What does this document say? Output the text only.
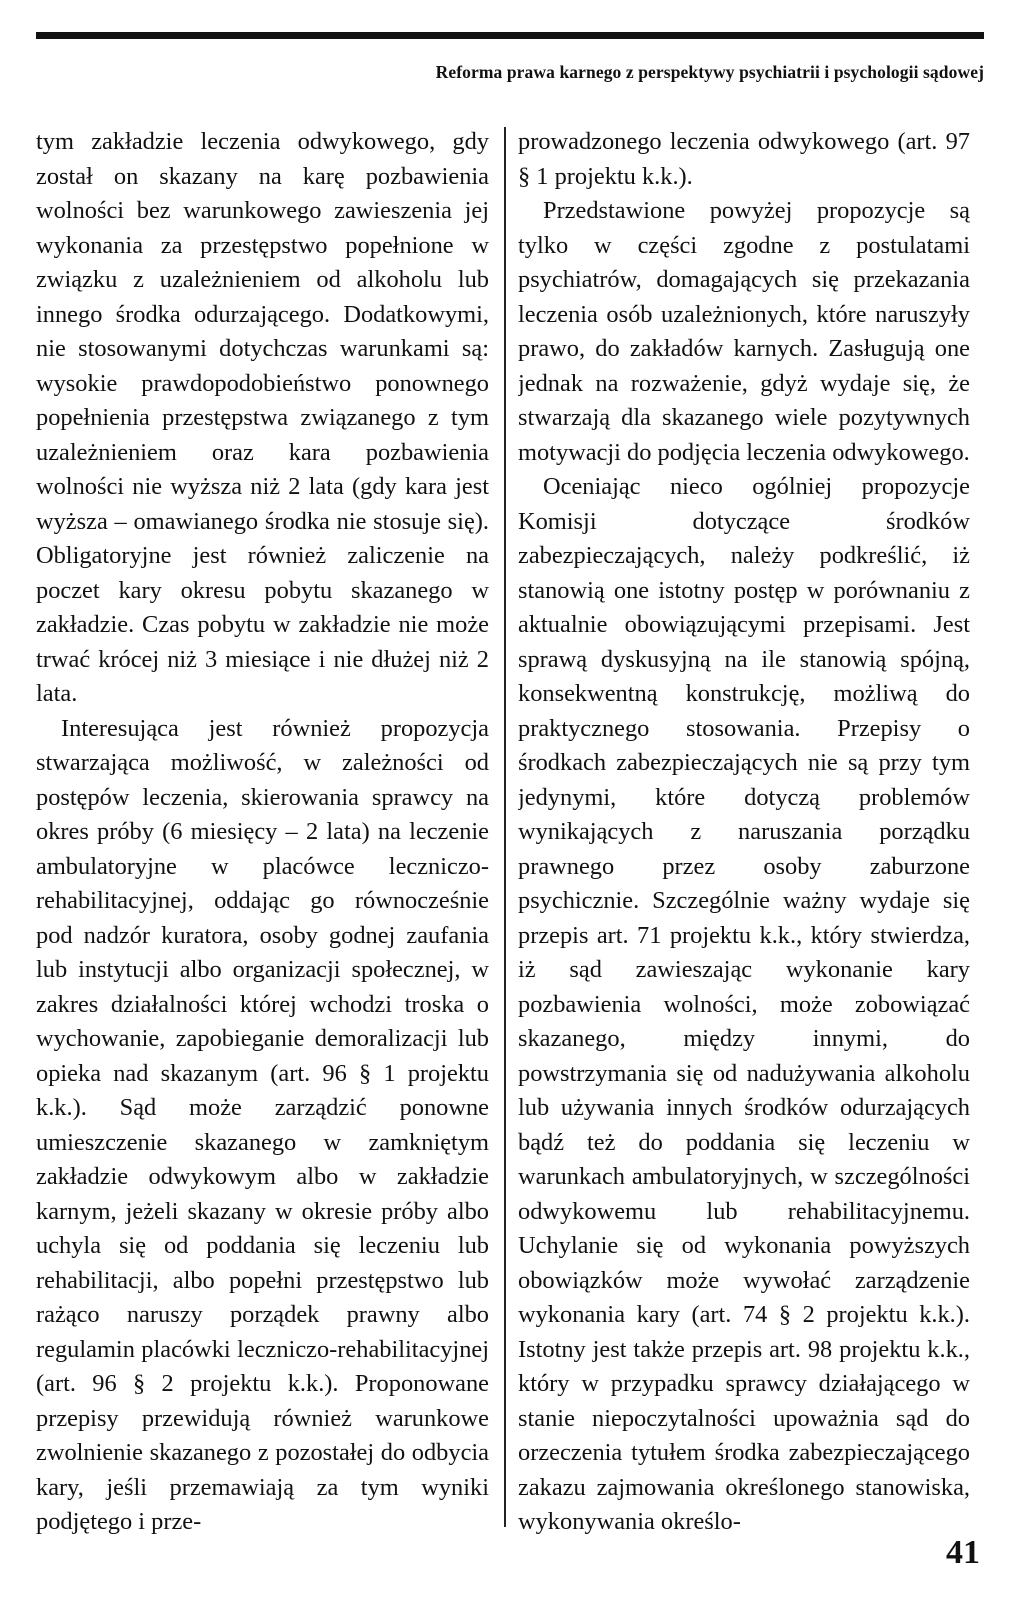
Reforma prawa karnego z perspektywy psychiatrii i psychologii sądowej

tym zakładzie leczenia odwykowego, gdy został on skazany na karę pozbawienia wolności bez warunkowego zawieszenia jej wykonania za przestępstwo popełnione w związku z uzależnieniem od alkoholu lub innego środka odurzającego. Dodatkowymi, nie stosowanymi dotychczas warunkami są: wysokie prawdopodobieństwo ponownego popełnienia przestępstwa związanego z tym uzależnieniem oraz kara pozbawienia wolności nie wyższa niż 2 lata (gdy kara jest wyższa – omawianego środka nie stosuje się). Obligatoryjne jest również zaliczenie na poczet kary okresu pobytu skazanego w zakładzie. Czas pobytu w zakładzie nie może trwać krócej niż 3 miesiące i nie dłużej niż 2 lata.

Interesująca jest również propozycja stwarzająca możliwość, w zależności od postępów leczenia, skierowania sprawcy na okres próby (6 miesięcy – 2 lata) na leczenie ambulatoryjne w placówce leczniczo-rehabilitacyjnej, oddając go równocześnie pod nadzór kuratora, osoby godnej zaufania lub instytucji albo organizacji społecznej, w zakres działalności której wchodzi troska o wychowanie, zapobieganie demoralizacji lub opieka nad skazanym (art. 96 § 1 projektu k.k.). Sąd może zarządzić ponowne umieszczenie skazanego w zamkniętym zakładzie odwykowym albo w zakładzie karnym, jeżeli skazany w okresie próby albo uchyla się od poddania się leczeniu lub rehabilitacji, albo popełni przestępstwo lub rażąco naruszy porządek prawny albo regulamin placówki leczniczo-rehabilitacyjnej (art. 96 § 2 projektu k.k.). Proponowane przepisy przewidują również warunkowe zwolnienie skazanego z pozostałej do odbycia kary, jeśli przemawiają za tym wyniki podjętego i prze-

prowadzonego leczenia odwykowego (art. 97 § 1 projektu k.k.).

Przedstawione powyżej propozycje są tylko w części zgodne z postulatami psychiatrów, domagających się przekazania leczenia osób uzależnionych, które naruszyły prawo, do zakładów karnych. Zasługują one jednak na rozważenie, gdyż wydaje się, że stwarzają dla skazanego wiele pozytywnych motywacji do podjęcia leczenia odwykowego.

Oceniając nieco ogólniej propozycje Komisji dotyczące środków zabezpieczających, należy podkreślić, iż stanowią one istotny postęp w porównaniu z aktualnie obowiązującymi przepisami. Jest sprawą dyskusyjną na ile stanowią spójną, konsekwentną konstrukcję, możliwą do praktycznego stosowania. Przepisy o środkach zabezpieczających nie są przy tym jedynymi, które dotyczą problemów wynikających z naruszania porządku prawnego przez osoby zaburzone psychicznie. Szczególnie ważny wydaje się przepis art. 71 projektu k.k., który stwierdza, iż sąd zawieszając wykonanie kary pozbawienia wolności, może zobowiązać skazanego, między innymi, do powstrzymania się od nadużywania alkoholu lub używania innych środków odurzających bądź też do poddania się leczeniu w warunkach ambulatoryjnych, w szczególności odwykowemu lub rehabilitacyjnemu. Uchylanie się od wykonania powyższych obowiązków może wywołać zarządzenie wykonania kary (art. 74 § 2 projektu k.k.). Istotny jest także przepis art. 98 projektu k.k., który w przypadku sprawcy działającego w stanie niepoczytalności upoważnia sąd do orzeczenia tytułem środka zabezpieczającego zakazu zajmowania określonego stanowiska, wykonywania określo-

41
